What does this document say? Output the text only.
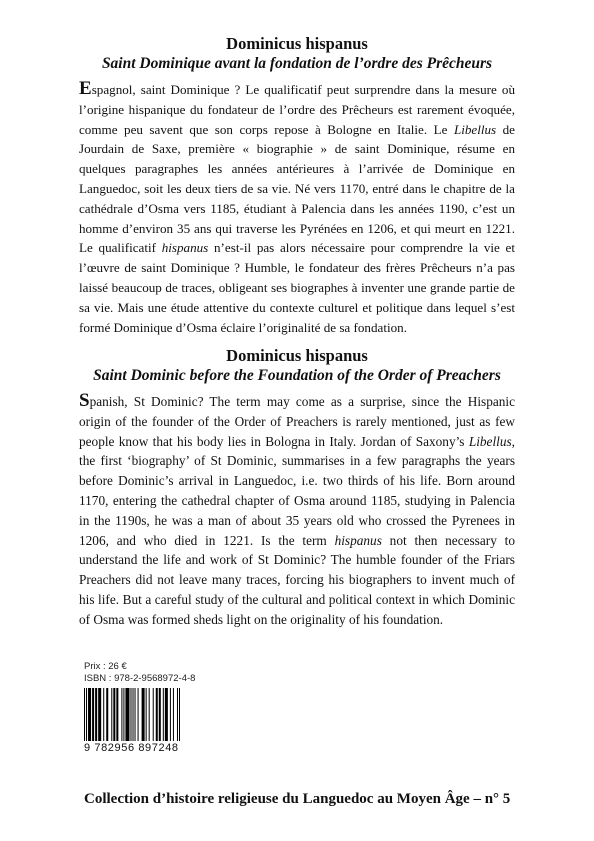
Dominicus hispanus
Saint Dominique avant la fondation de l’ordre des Prêcheurs

Espagnol, saint Dominique ? Le qualificatif peut surprendre dans la mesure où l’origine hispanique du fondateur de l’ordre des Prêcheurs est rarement évoquée, comme peu savent que son corps repose à Bologne en Italie. Le Libellus de Jourdain de Saxe, première « biographie » de saint Dominique, résume en quelques paragraphes les années antérieures à l’arrivée de Dominique en Languedoc, soit les deux tiers de sa vie. Né vers 1170, entré dans le chapitre de la cathédrale d’Osma vers 1185, étudiant à Palencia dans les années 1190, c’est un homme d’environ 35 ans qui traverse les Pyrénées en 1206, et qui meurt en 1221. Le qualificatif hispanus n’est-il pas alors nécessaire pour comprendre la vie et l’œuvre de saint Dominique ? Humble, le fondateur des frères Prêcheurs n’a pas laissé beaucoup de traces, obligeant ses biographes à inventer une grande partie de sa vie. Mais une étude attentive du contexte culturel et politique dans lequel s’est formé Dominique d’Osma éclaire l’originalité de sa fondation.

Dominicus hispanus
Saint Dominic before the Foundation of the Order of Preachers

Spanish, St Dominic? The term may come as a surprise, since the Hispanic origin of the founder of the Order of Preachers is rarely mentioned, just as few people know that his body lies in Bologna in Italy. Jordan of Saxony’s Libellus, the first ‘biography’ of St Dominic, summarises in a few paragraphs the years before Dominic’s arrival in Languedoc, i.e. two thirds of his life. Born around 1170, entering the cathedral chapter of Osma around 1185, studying in Palencia in the 1190s, he was a man of about 35 years old who crossed the Pyrenees in 1206, and who died in 1221. Is the term hispanus not then necessary to understand the life and work of St Dominic? The humble founder of the Friars Preachers did not leave many traces, forcing his biographers to invent much of his life. But a careful study of the cultural and political context in which Dominic of Osma was formed sheds light on the originality of his foundation.

Prix : 26 €
ISBN : 978-2-9568972-4-8
9 782956 897248
Collection d’histoire religieuse du Languedoc au Moyen Âge – n° 5
